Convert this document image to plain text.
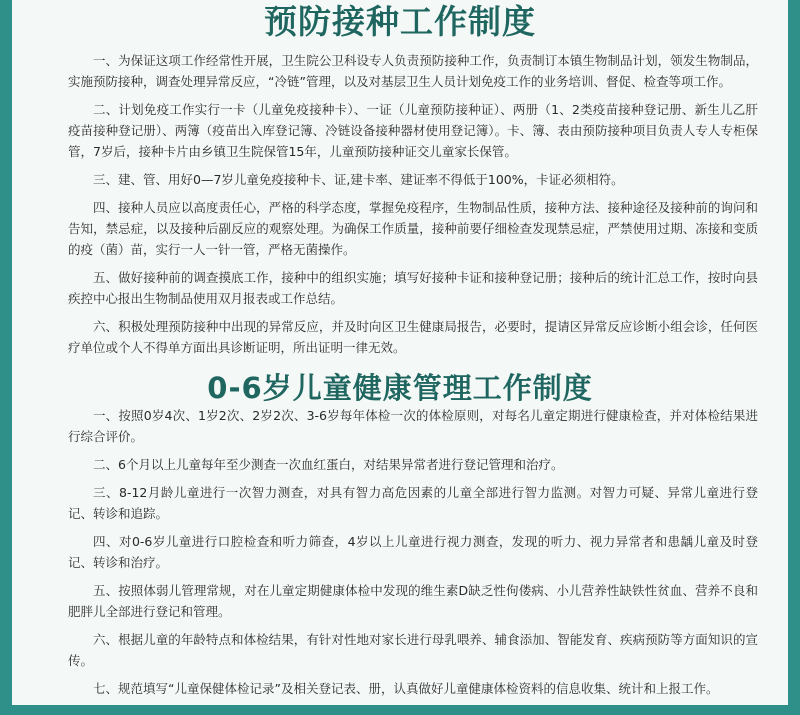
预防接种工作制度

一、为保证这项工作经常性开展，卫生院公卫科设专人负责预防接种工作，负责制订本镇生物制品计划，领发生物制品，实施预防接种，调查处理异常反应，“冷链”管理，以及对基层卫生人员计划免疫工作的业务培训、督促、检查等项工作。

二、计划免疫工作实行一卡（儿童免疫接种卡）、一证（儿童预防接种证）、两册（1、2类疫苗接种登记册、新生儿乙肝疫苗接种登记册）、两簿（疫苗出入库登记簿、冷链设备接种器材使用登记簿）。卡、簿、表由预防接种项目负责人专人专柜保管，7岁后，接种卡片由乡镇卫生院保管15年，儿童预防接种证交儿童家长保管。

三、建、管、用好0—7岁儿童免疫接种卡、证,建卡率、建证率不得低于100%，卡证必须相符。

四、接种人员应以高度责任心，严格的科学态度，掌握免疫程序，生物制品性质，接种方法、接种途径及接种前的询问和告知，禁忌症，以及接种后副反应的观察处理。为确保工作质量，接种前要仔细检查发现禁忌症，严禁使用过期、冻接和变质的疫（菌）苗，实行一人一针一管，严格无菌操作。

五、做好接种前的调查摸底工作，接种中的组织实施；填写好接种卡证和接种登记册；接种后的统计汇总工作，按时向县疾控中心报出生物制品使用双月报表或工作总结。

六、积极处理预防接种中出现的异常反应，并及时向区卫生健康局报告，必要时，提请区异常反应诊断小组会诊，任何医疗单位或个人不得单方面出具诊断证明，所出证明一律无效。

0-6岁儿童健康管理工作制度

一、按照0岁4次、1岁2次、2岁2次、3-6岁每年体检一次的体检原则，对每名儿童定期进行健康检查，并对体检结果进行综合评价。

二、6个月以上儿童每年至少测查一次血红蛋白，对结果异常者进行登记管理和治疗。

三、8-12月龄儿童进行一次智力测查，对具有智力高危因素的儿童全部进行智力监测。对智力可疑、异常儿童进行登记、转诊和追踪。

四、对0-6岁儿童进行口腔检查和听力筛查，4岁以上儿童进行视力测查，发现的听力、视力异常者和患龋儿童及时登记、转诊和治疗。

五、按照体弱儿管理常规，对在儿童定期健康体检中发现的维生素D缺乏性佝偻病、小儿营养性缺铁性贫血、营养不良和肥胖儿全部进行登记和管理。

六、根据儿童的年龄特点和体检结果，有针对性地对家长进行母乳喂养、辅食添加、智能发育、疾病预防等方面知识的宣传。

七、规范填写“儿童保健体检记录”及相关登记表、册，认真做好儿童健康体检资料的信息收集、统计和上报工作。
